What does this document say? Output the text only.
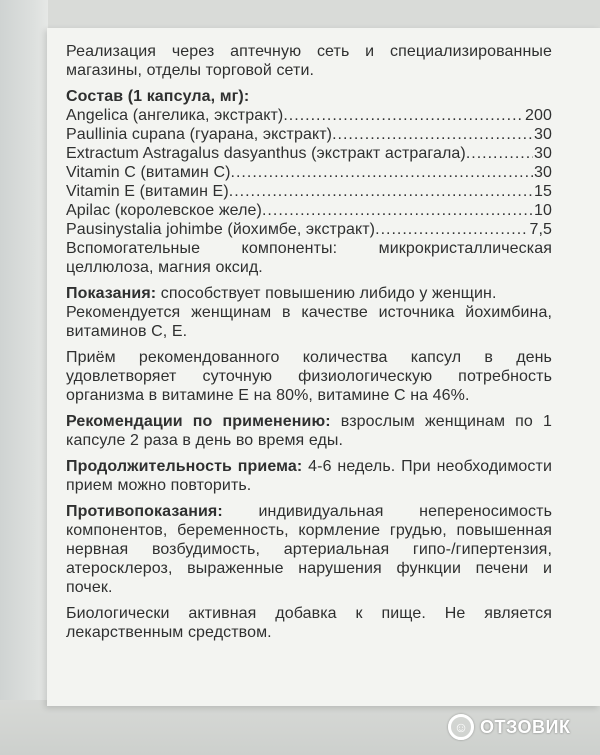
Реализация через аптечную сеть и специализированные магазины, отделы торговой сети.

Состав (1 капсула, мг):
Angelica (ангелика, экстракт) .....	200
Paullinia cupana (гуарана, экстракт) .....	30
Extractum Astragalus dasyanthus (экстракт астрагала) .....	30
Vitamin C (витамин C) .....	30
Vitamin E (витамин E) .....	15
Apilac (королевское желе) .....	10
Pausinystalia johimbe (йохимбе, экстракт) .....	7,5

Вспомогательные компоненты: микрокристаллическая целлюлоза, магния оксид.

Показания: способствует повышению либидо у женщин.

Рекомендуется женщинам в качестве источника йохимбина, витаминов С, Е.

Приём рекомендованного количества капсул в день удовлетворяет суточную физиологическую потребность организма в витамине Е на 80%, витамине С на 46%.

Рекомендации по применению: взрослым женщинам по 1 капсуле 2 раза в день во время еды.

Продолжительность приема: 4-6 недель. При необходимости прием можно повторить.

Противопоказания: индивидуальная непереносимость компонентов, беременность, кормление грудью, повышенная нервная возбудимость, артериальная гипо-/гипертензия, атеросклероз, выраженные нарушения функции печени и почек.

Биологически активная добавка к пище. Не является лекарственным средством.

☺ ОТЗОВИК
